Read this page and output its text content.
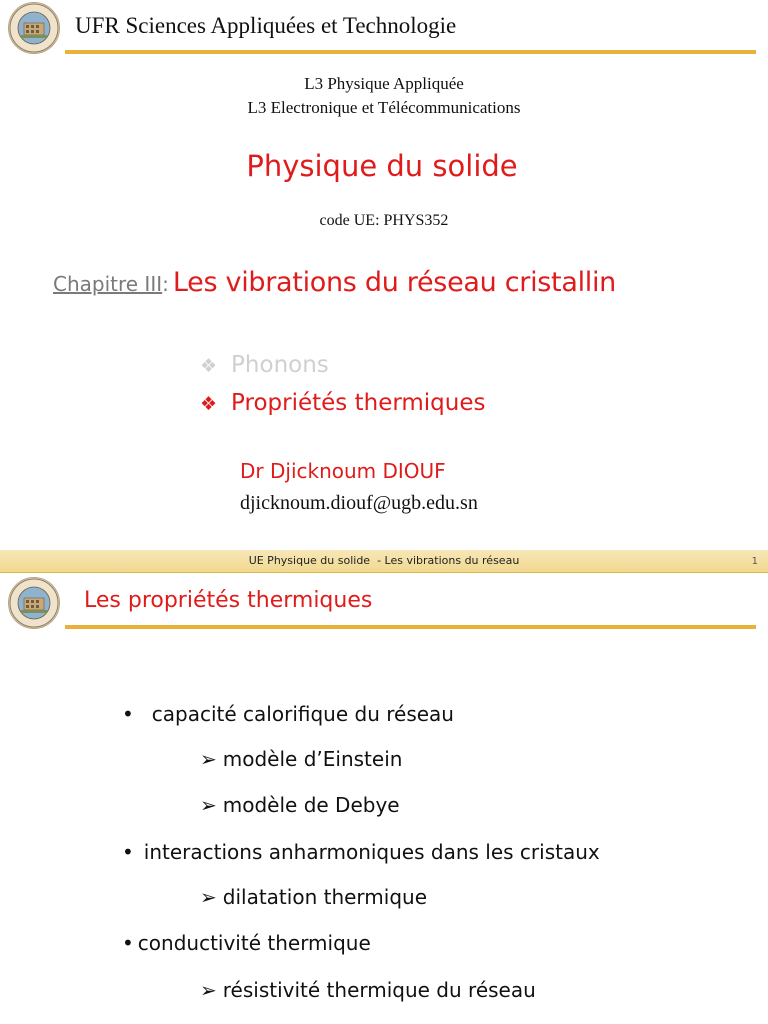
UFR Sciences Appliquées et Technologie
L3 Physique Appliquée
L3 Electronique et Télécommunications
Physique du solide
code UE: PHYS352
Chapitre III: Les vibrations du réseau cristallin
❖ Phonons
❖ Propriétés thermiques
Dr Djicknoum DIOUF
djicknoum.diouf@ugb.edu.sn
UE Physique du solide  - Les vibrations du réseau	1
Les propriétés thermiques
• capacité calorifique du réseau
➢ modèle d’Einstein
➢ modèle de Debye
• interactions anharmoniques dans les cristaux
➢ dilatation thermique
• conductivité thermique
➢ résistivité thermique du réseau
